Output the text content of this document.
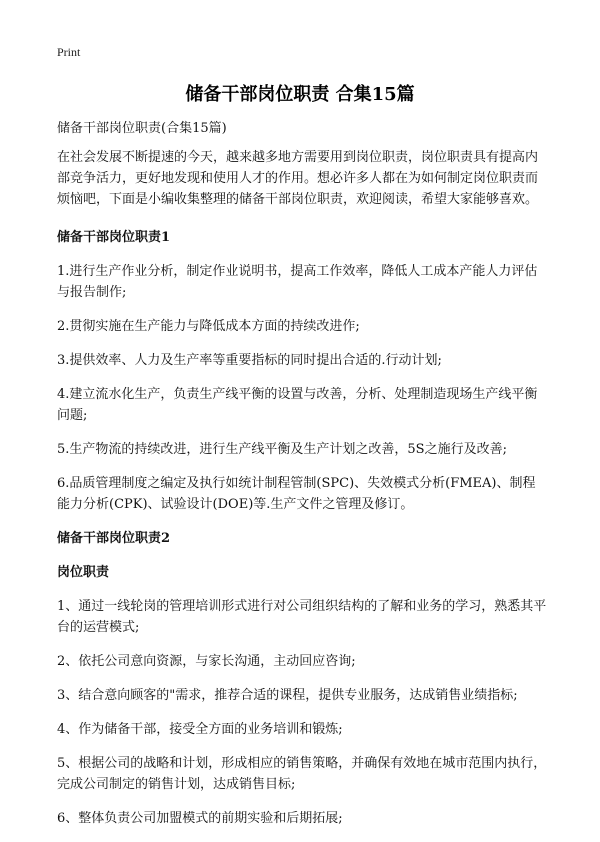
Print
储备干部岗位职责 合集15篇

储备干部岗位职责(合集15篇)

在社会发展不断提速的今天，越来越多地方需要用到岗位职责，岗位职责具有提高内部竞争活力，更好地发现和使用人才的作用。想必许多人都在为如何制定岗位职责而烦恼吧，下面是小编收集整理的储备干部岗位职责，欢迎阅读，希望大家能够喜欢。

储备干部岗位职责1

1.进行生产作业分析，制定作业说明书，提高工作效率，降低人工成本产能人力评估与报告制作;

2.贯彻实施在生产能力与降低成本方面的持续改进作;

3.提供效率、人力及生产率等重要指标的同时提出合适的.行动计划;

4.建立流水化生产，负责生产线平衡的设置与改善，分析、处理制造现场生产线平衡问题;

5.生产物流的持续改进，进行生产线平衡及生产计划之改善，5S之施行及改善;

6.品质管理制度之编定及执行如统计制程管制(SPC)、失效模式分析(FMEA)、制程能力分析(CPK)、试验设计(DOE)等.生产文件之管理及修订。

储备干部岗位职责2

岗位职责

1、通过一线轮岗的管理培训形式进行对公司组织结构的了解和业务的学习，熟悉其平台的运营模式;

2、依托公司意向资源，与家长沟通，主动回应咨询;

3、结合意向顾客的"需求，推荐合适的课程，提供专业服务，达成销售业绩指标;

4、作为储备干部，接受全方面的业务培训和锻炼;

5、根据公司的战略和计划，形成相应的销售策略，并确保有效地在城市范围内执行，完成公司制定的销售计划，达成销售目标;

6、整体负责公司加盟模式的前期实验和后期拓展;
